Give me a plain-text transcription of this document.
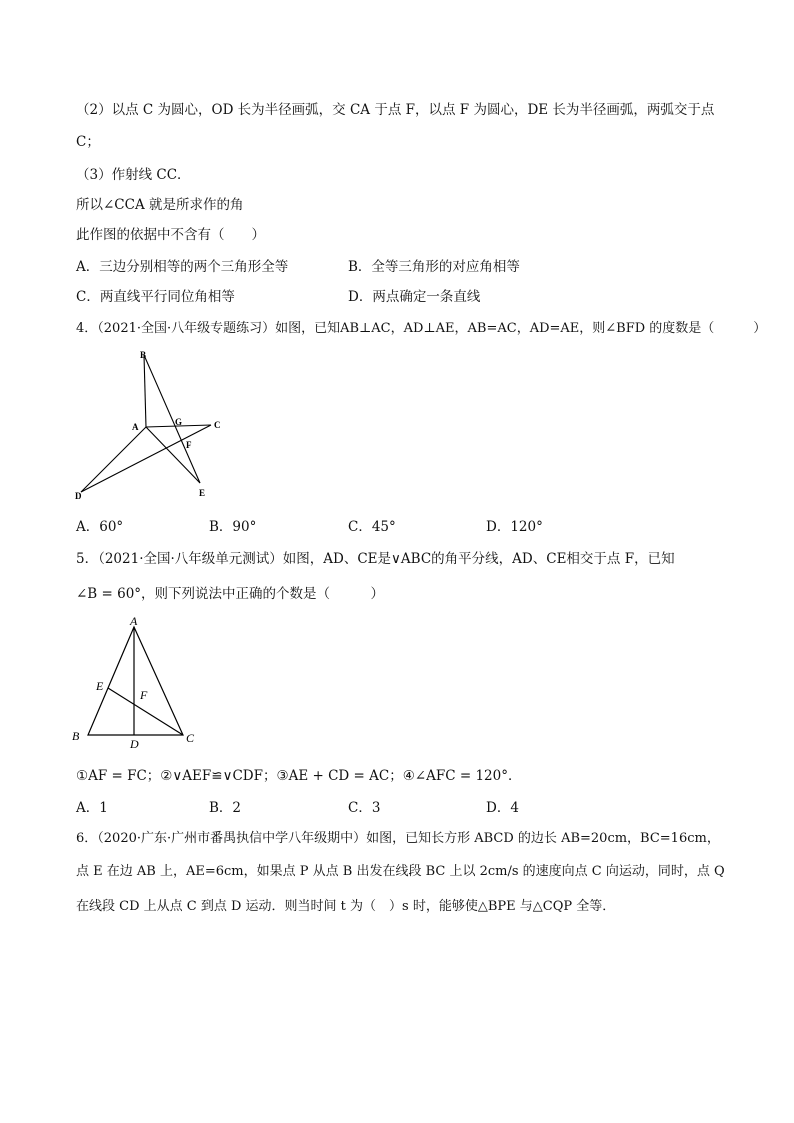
（2）以点 C 为圆心，OD 长为半径画弧，交 CA 于点 F，以点 F 为圆心，DE 长为半径画弧，两弧交于点
C；
（3）作射线 CC．
所以∠CCA 就是所求作的角
此作图的依据中不含有（　　）
A．三边分别相等的两个三角形全等	B．全等三角形的对应角相等
C．两直线平行同位角相等	D．两点确定一条直线
4．（2021·全国·八年级专题练习）如图，已知AB⊥AC，AD⊥AE，AB=AC，AD=AE，则∠BFD 的度数是（　　　）
B
A	G	C
F
D	E
A．60°	B．90°	C．45°	D．120°
5．（2021·全国·八年级单元测试）如图，AD、CE是∨ABC的角平分线，AD、CE相交于点 F，已知
∠B = 60°，则下列说法中正确的个数是（　　　）
A
E
F
B
D	C
①AF = FC；②∨AEF≌∨CDF；③AE + CD = AC；④∠AFC = 120°．
A．1	B．2	C．3	D．4
6．（2020·广东·广州市番禺执信中学八年级期中）如图，已知长方形 ABCD 的边长 AB=20cm，BC=16cm，
点 E 在边 AB 上，AE=6cm，如果点 P 从点 B 出发在线段 BC 上以 2cm/s 的速度向点 C 向运动，同时，点 Q
在线段 CD 上从点 C 到点 D 运动．则当时间 t 为（　）s 时，能够使△BPE 与△CQP 全等．
